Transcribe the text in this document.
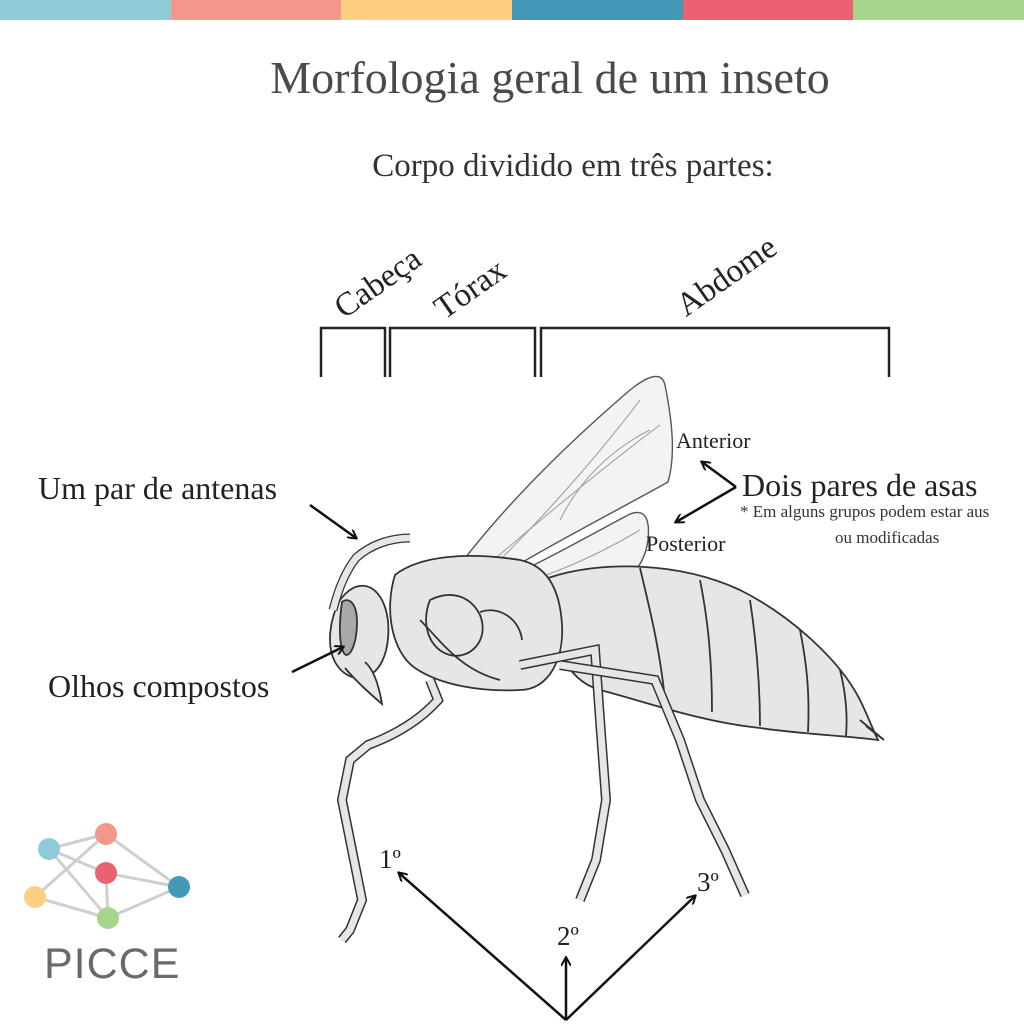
Morfologia geral de um inseto
Corpo dividido em três partes:
Cabeça Tórax	Abdome
Um par de antenas
Olhos compostos
Anterior
Posterior
Dois pares de asas
* Em alguns grupos podem estar aus
ou modificadas
1º
2º
3º
PICCE
